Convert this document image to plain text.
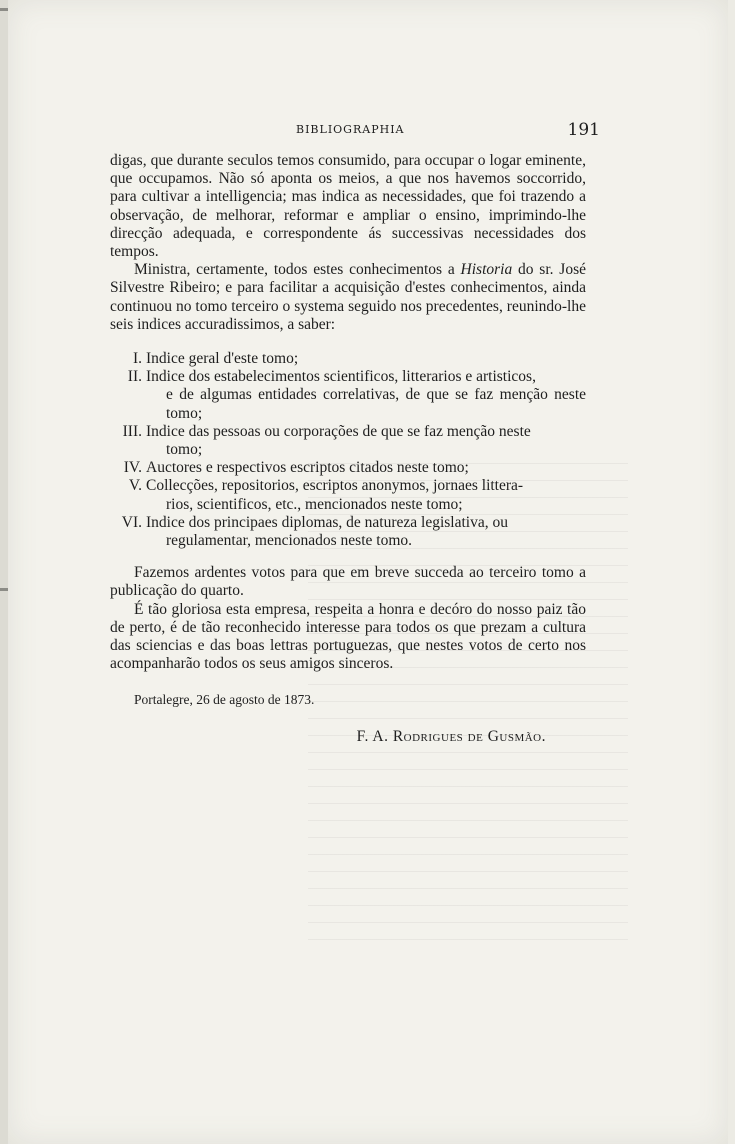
BIBLIOGRAPHIA	191

digas, que durante seculos temos consumido, para occupar o logar eminente, que occupamos. Não só aponta os meios, a que nos havemos soccorrido, para cultivar a intelligencia; mas indica as necessidades, que foi trazendo a observação, de melhorar, reformar e ampliar o ensino, imprimindo-lhe direcção adequada, e correspondente ás successivas necessidades dos tempos.

Ministra, certamente, todos estes conhecimentos a Historia do sr. José Silvestre Ribeiro; e para facilitar a acquisição d'estes conhecimentos, ainda continuou no tomo terceiro o systema seguido nos precedentes, reunindo-lhe seis indices accuradissimos, a saber:

I. Indice geral d'este tomo;
II. Indice dos estabelecimentos scientificos, litterarios e artisticos,
e de algumas entidades correlativas, de que se faz menção neste tomo;
III. Indice das pessoas ou corporações de que se faz menção neste
tomo;
IV. Auctores e respectivos escriptos citados neste tomo;
V. Collecções, repositorios, escriptos anonymos, jornaes littera-
rios, scientificos, etc., mencionados neste tomo;
VI. Indice dos principaes diplomas, de natureza legislativa, ou
regulamentar, mencionados neste tomo.

Fazemos ardentes votos para que em breve succeda ao terceiro tomo a publicação do quarto.

É tão gloriosa esta empresa, respeita a honra e decóro do nosso paiz tão de perto, é de tão reconhecido interesse para todos os que prezam a cultura das sciencias e das boas lettras portuguezas, que nestes votos de certo nos acompanharão todos os seus amigos sinceros.

Portalegre, 26 de agosto de 1873.
F. A. Rodrigues de Gusmão.
